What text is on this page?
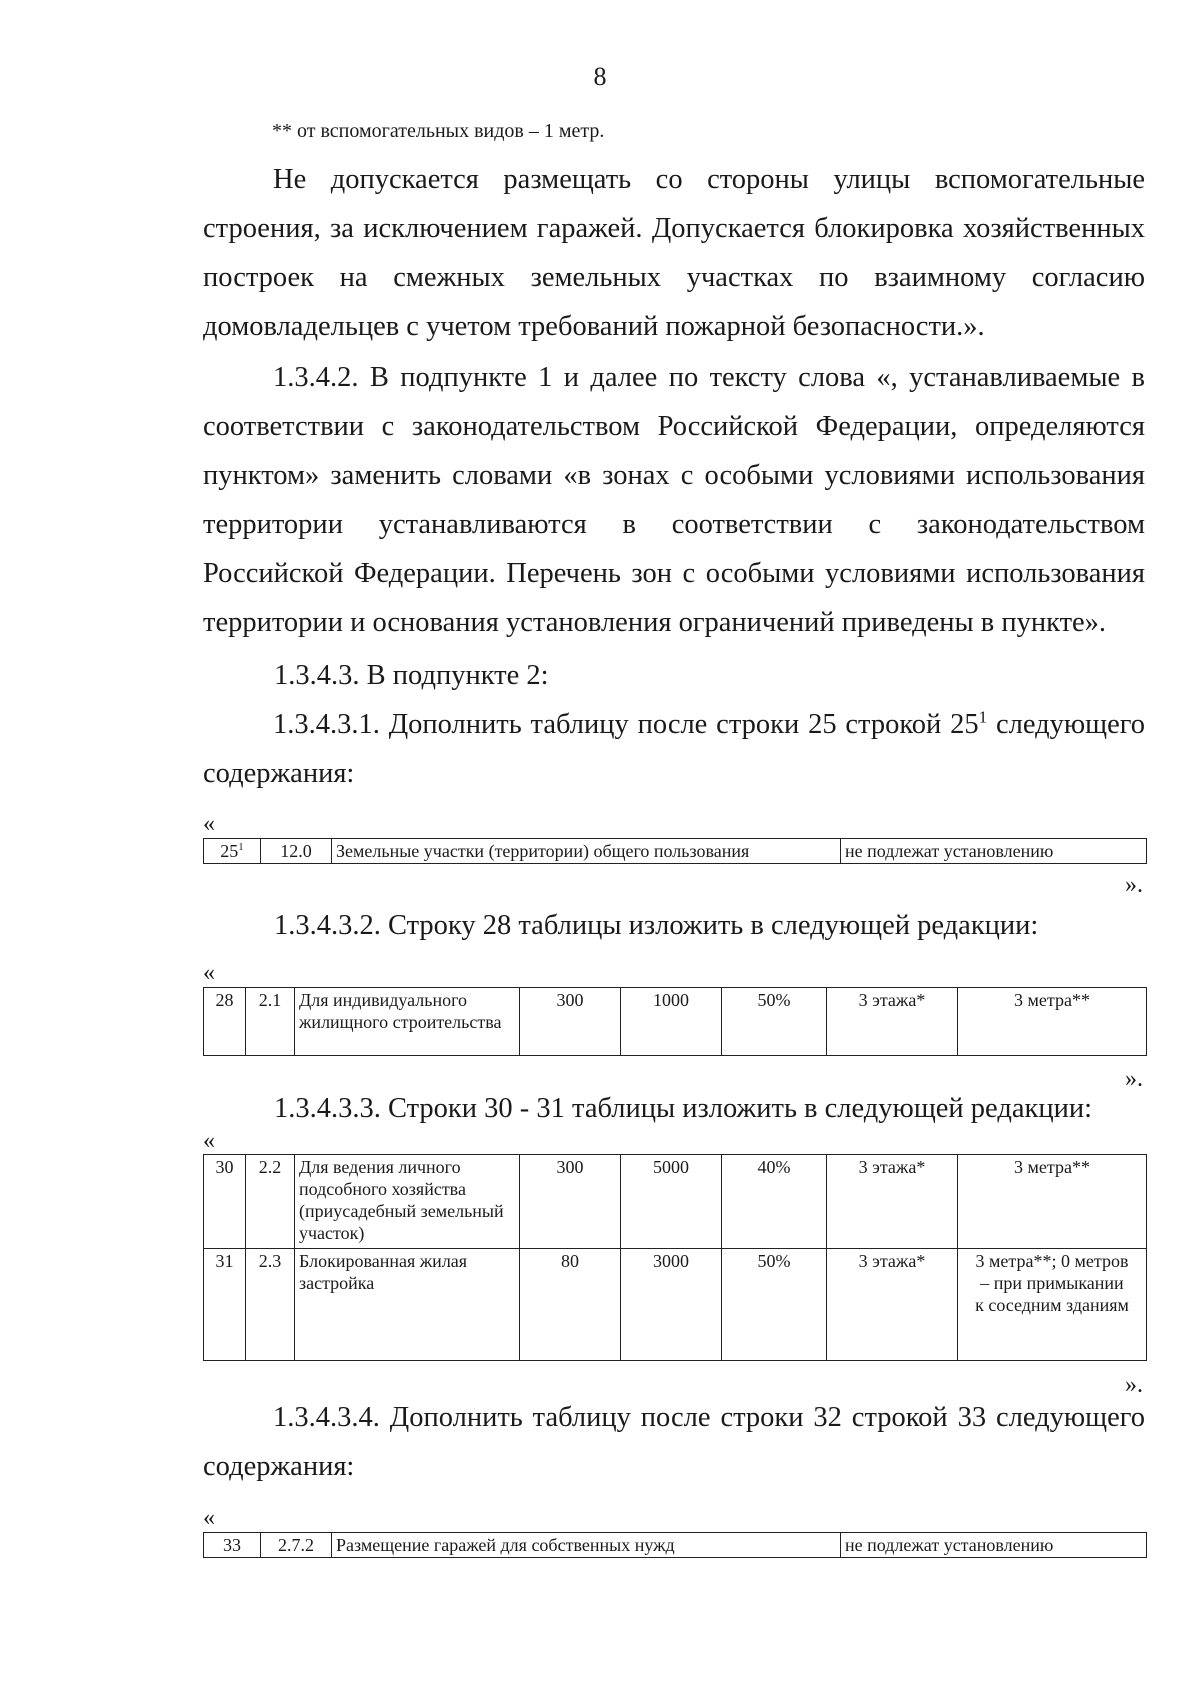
8
** от вспомогательных видов – 1 метр.
Не допускается размещать со стороны улицы вспомогательные
строения, за исключением гаражей. Допускается блокировка хозяйственных
построек на смежных земельных участках по взаимному согласию
домовладельцев с учетом требований пожарной безопасности.».
1.3.4.2. В подпункте 1 и далее по тексту слова «, устанавливаемые в
соответствии с законодательством Российской Федерации, определяются
пунктом» заменить словами «в зонах с особыми условиями использования
территории устанавливаются в соответствии с законодательством
Российской Федерации. Перечень зон с особыми условиями использования
территории и основания установления ограничений приведены в пункте».
1.3.4.3. В подпункте 2:
1.3.4.3.1. Дополнить таблицу после строки 25 строкой $25^1$ следующего
содержания:
«
$25^1$	12.0	Земельные участки (территории) общего пользования	не подлежат установлению
».
1.3.4.3.2. Строку 28 таблицы изложить в следующей редакции:
«
28	2.1	Для индивидуального жилищного строительства	300	1000	50%	3 этажа*	3 метра**
».
1.3.4.3.3. Строки 30 - 31 таблицы изложить в следующей редакции:
«
30	2.2	Для ведения личного подсобного хозяйства (приусадебный земельный участок)	300	5000	40%	3 этажа*	3 метра**
31	2.3	Блокированная жилая застройка	80	3000	50%	3 этажа*	3 метра**; 0 метров – при примыкании к соседним зданиям
».
1.3.4.3.4. Дополнить таблицу после строки 32 строкой 33 следующего
содержания:
«
33	2.7.2	Размещение гаражей для собственных нужд	не подлежат установлению
